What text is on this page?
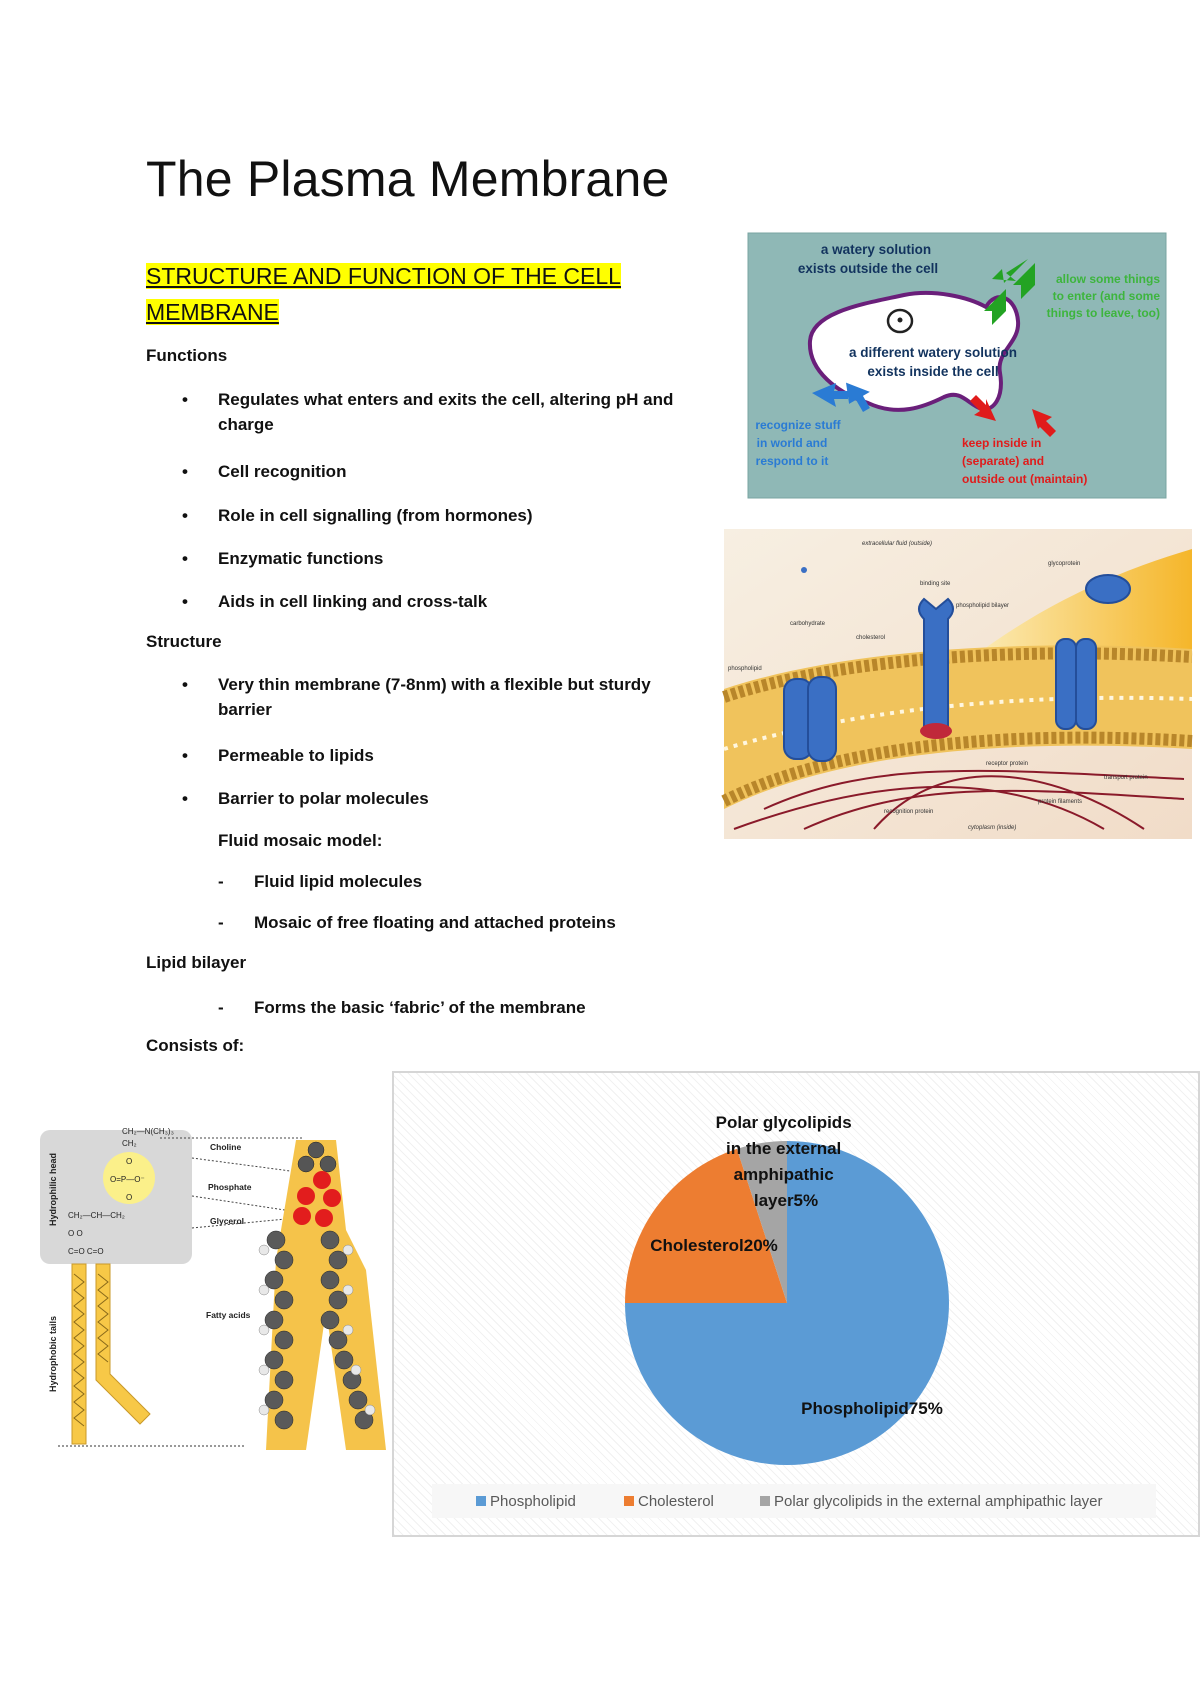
The Plasma Membrane
STRUCTURE AND FUNCTION OF THE CELL MEMBRANE
Functions
• Regulates what enters and exits the cell, altering pH and charge
• Cell recognition
• Role in cell signalling (from hormones)
• Enzymatic functions
• Aids in cell linking and cross-talk
Structure
• Very thin membrane (7-8nm) with a flexible but sturdy barrier
• Permeable to lipids
• Barrier to polar molecules
Fluid mosaic model:
- Fluid lipid molecules
- Mosaic of free floating and attached proteins
Lipid bilayer
- Forms the basic ‘fabric’ of the membrane
Consists of:
a watery solution exists outside the cell
a different watery solution exists inside the cell
allow some things to enter (and some things to leave, too)
recognize stuff in world and respond to it
keep inside in (separate) and outside out (maintain)
extracellular fluid (outside)
glycoprotein
binding site
phospholipid bilayer
carbohydrate
cholesterol
phospholipid
receptor protein
transport protein
protein filaments
recognition protein
cytoplasm (inside)
CH₂—N(CH₃)₃
CH₂
O
O=P—O⁻
O
CH₂—CH—CH₂
O O
C=O C=O
Hydrophilic head
Hydrophobic tails
Choline
Phosphate
Glycerol
Fatty acids
Phospholipid75%
Cholesterol20%
Polar glycolipids in the external amphipathic layer5%
Phospholipid	Cholesterol	Polar glycolipids in the external amphipathic layer
